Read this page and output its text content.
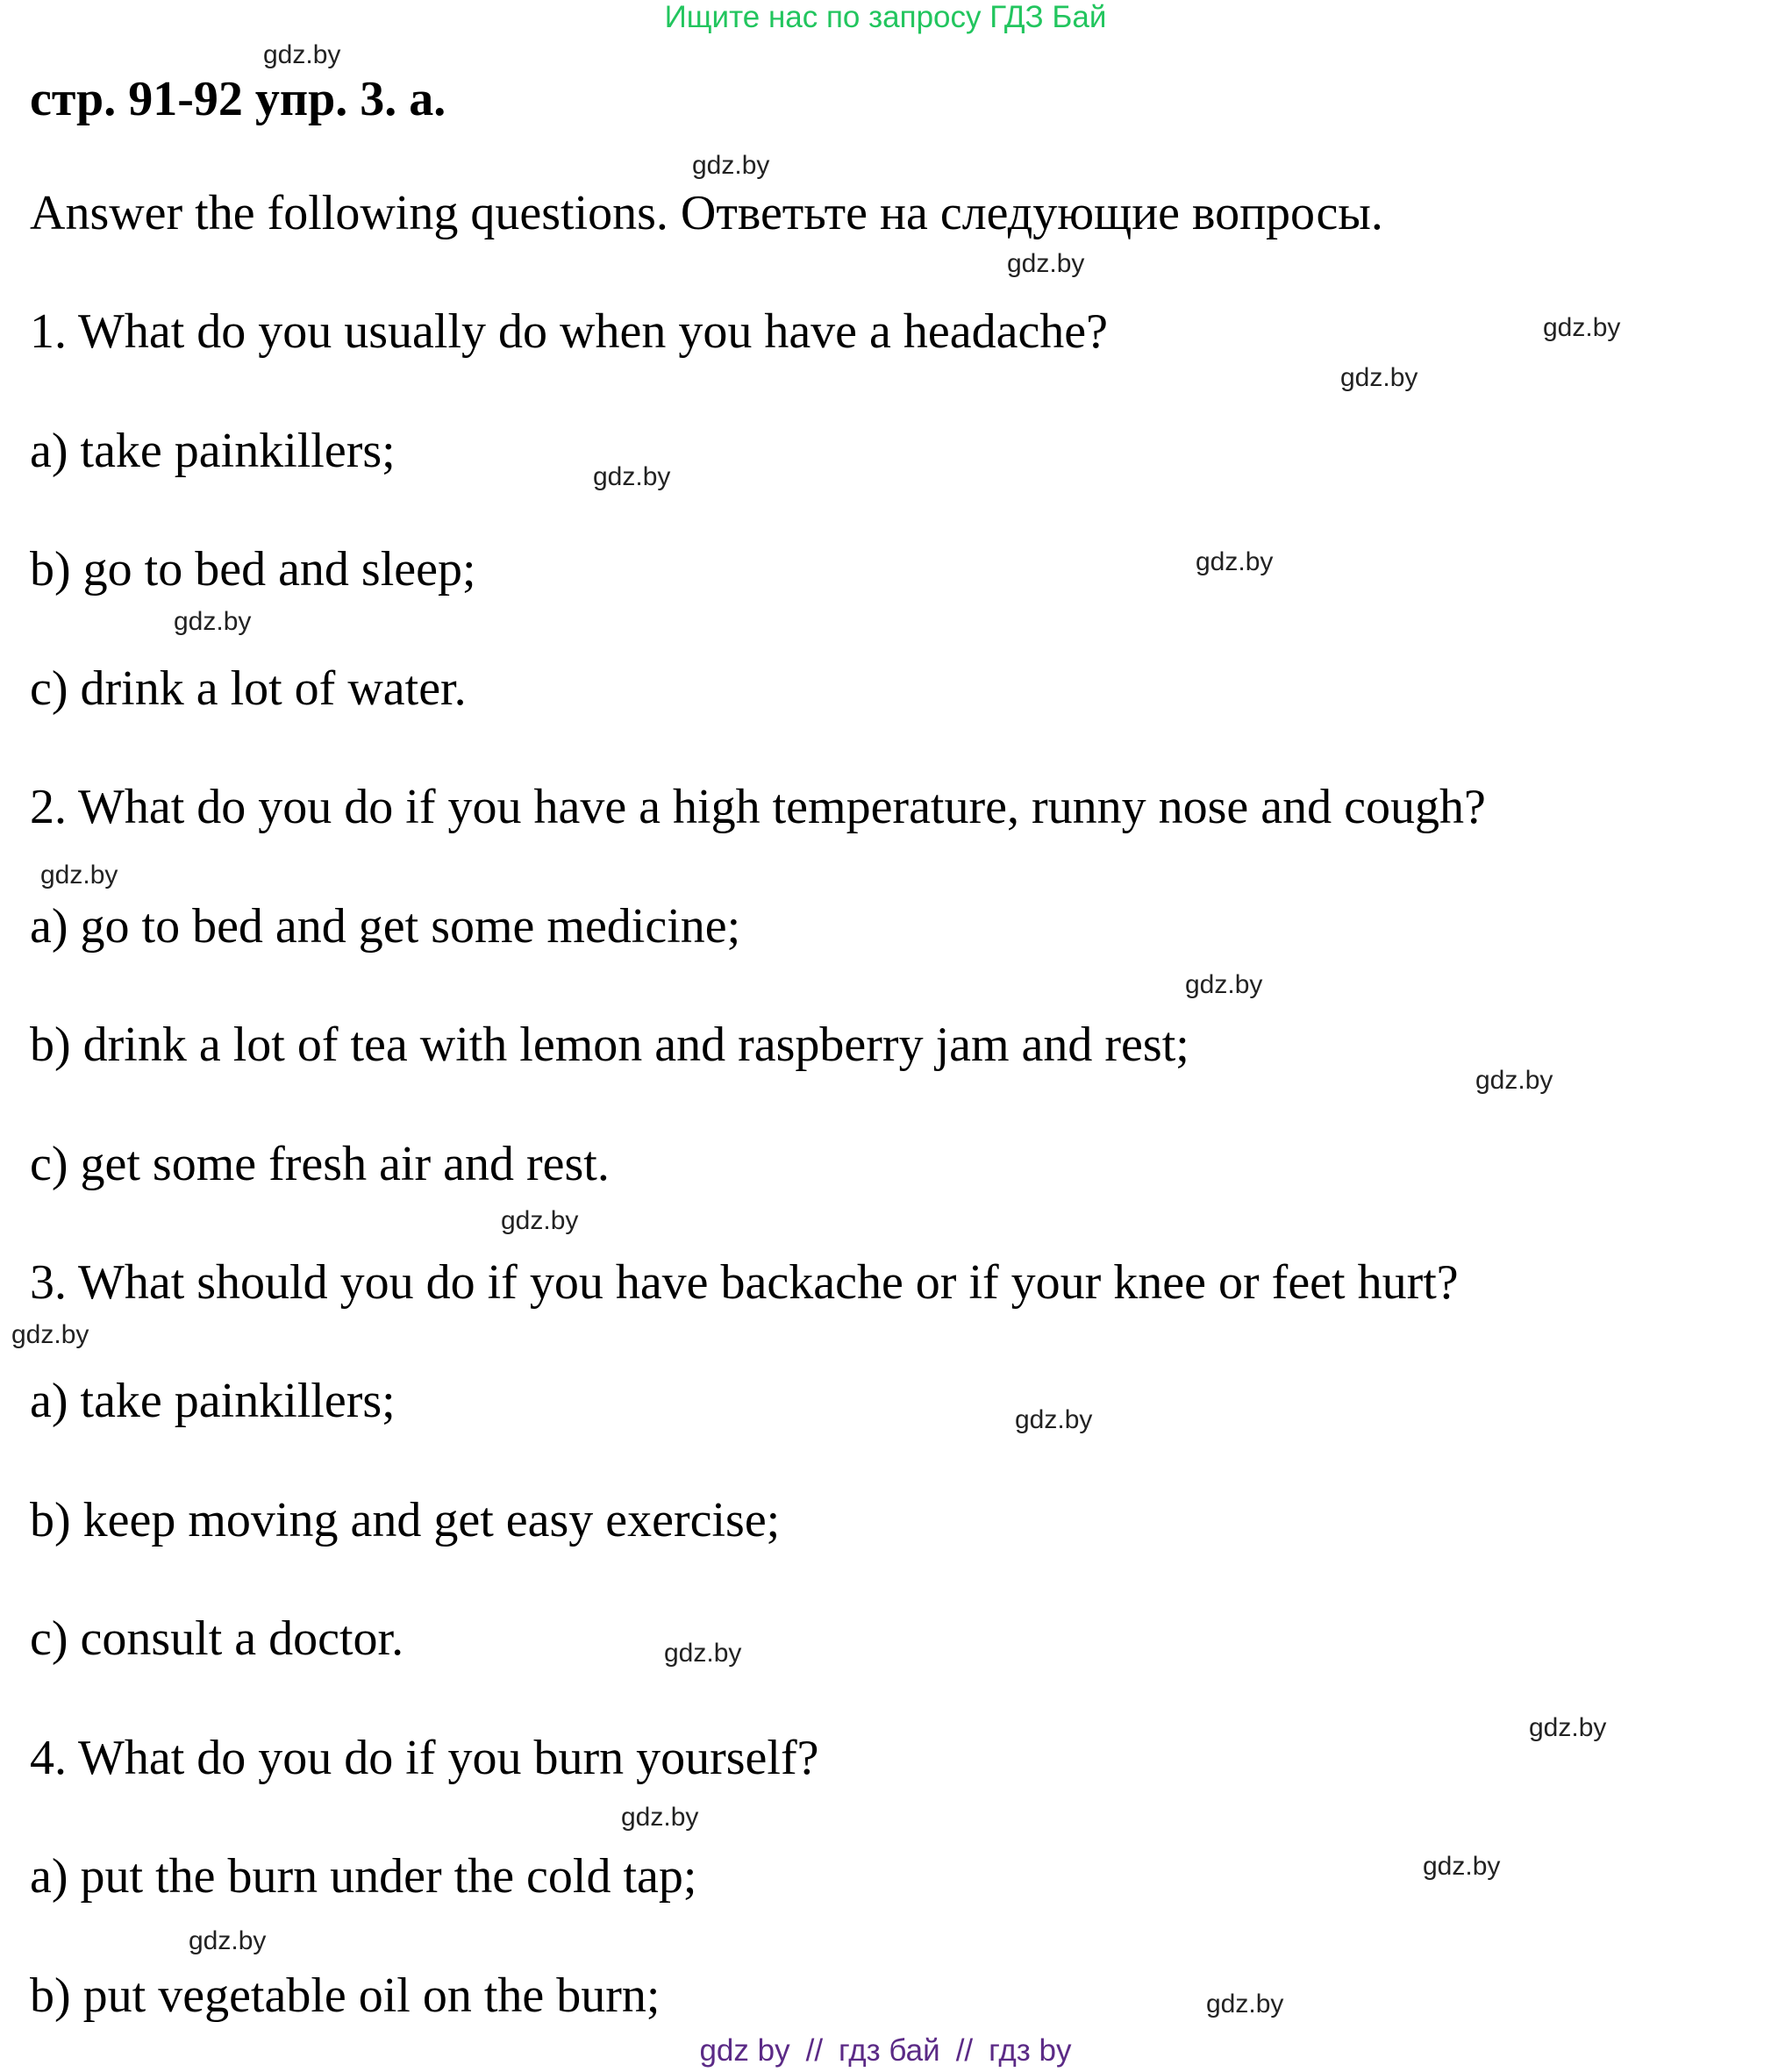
Ищите нас по запросу ГДЗ Бай
стр. 91-92 упр. 3. а.
Answer the following questions. Ответьте на следующие вопросы.
1. What do you usually do when you have a headache?
a) take painkillers;
b) go to bed and sleep;
c) drink a lot of water.
2. What do you do if you have a high temperature, runny nose and cough?
a) go to bed and get some medicine;
b) drink a lot of tea with lemon and raspberry jam and rest;
c) get some fresh air and rest.
3. What should you do if you have backache or if your knee or feet hurt?
a) take painkillers;
b) keep moving and get easy exercise;
c) consult a doctor.
4. What do you do if you burn yourself?
a) put the burn under the cold tap;
b) put vegetable oil on the burn;
gdz.by
gdz.by
gdz.by
gdz.by
gdz.by
gdz.by
gdz.by
gdz.by
gdz.by
gdz.by
gdz.by
gdz.by
gdz.by
gdz.by
gdz.by
gdz.by
gdz.by
gdz.by
gdz.by
gdz.by
gdz by // гдз бай // гдз by
